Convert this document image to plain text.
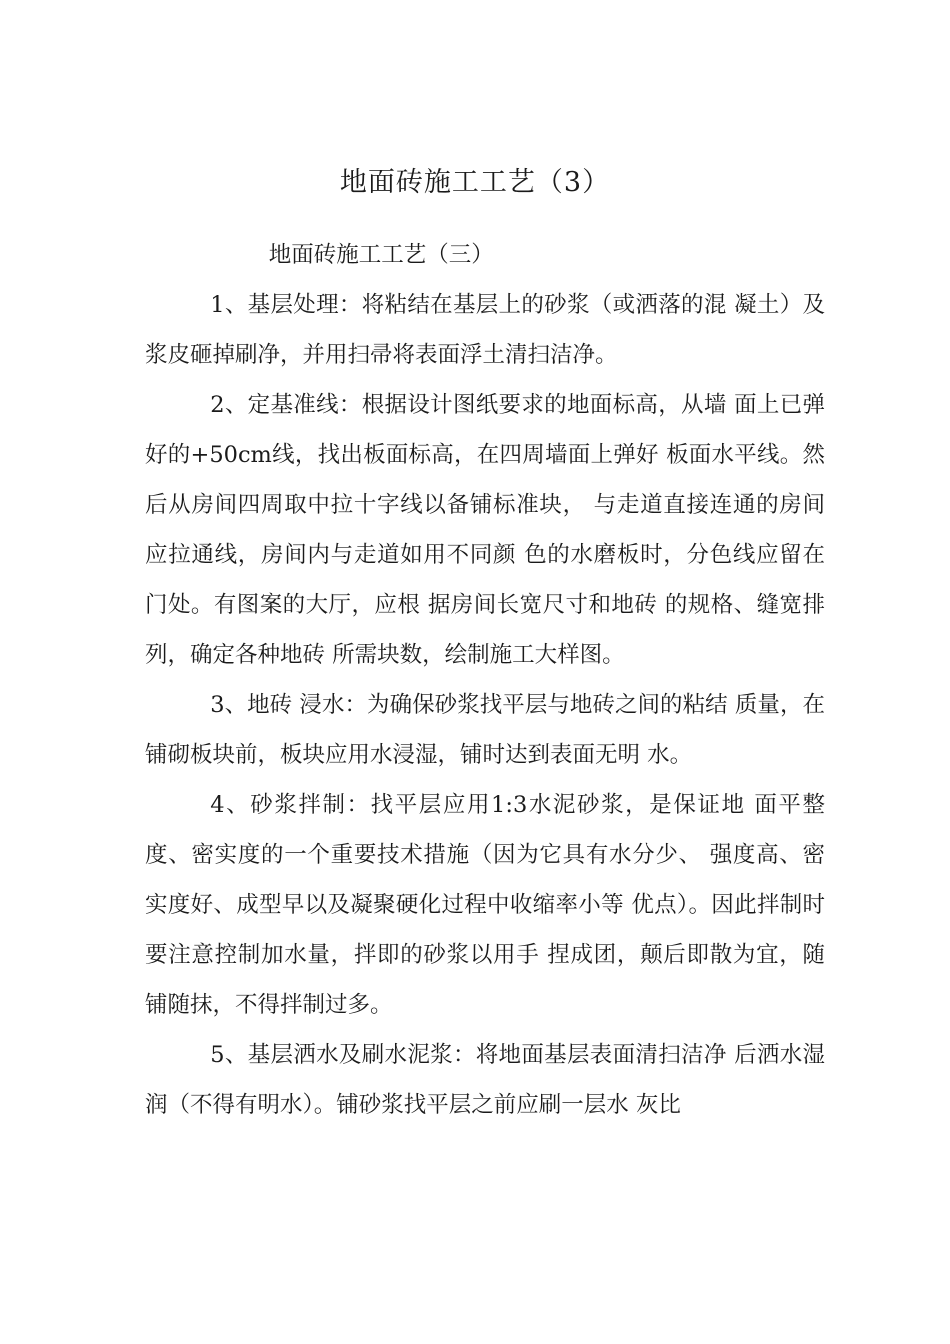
地面砖施工工艺（3）

地面砖施工工艺（三）

1、基层处理：将粘结在基层上的砂浆（或洒落的混 凝土）及浆皮砸掉刷净，并用扫帚将表面浮土清扫洁净。

2、定基准线：根据设计图纸要求的地面标高，从墙 面上已弹好的+50cm线，找出板面标高，在四周墙面上弹好 板面水平线。然后从房间四周取中拉十字线以备铺标准块， 与走道直接连通的房间应拉通线，房间内与走道如用不同颜 色的水磨板时，分色线应留在门处。有图案的大厅，应根 据房间长宽尺寸和地砖 的规格、缝宽排列，确定各种地砖 所需块数，绘制施工大样图。

3、地砖 浸水：为确保砂浆找平层与地砖之间的粘结 质量，在铺砌板块前，板块应用水浸湿，铺时达到表面无明 水。

4、砂浆拌制：找平层应用1:3水泥砂浆，是保证地 面平整度、密实度的一个重要技术措施（因为它具有水分少、 强度高、密实度好、成型早以及凝聚硬化过程中收缩率小等 优点）。因此拌制时要注意控制加水量，拌即的砂浆以用手 捏成团，颠后即散为宜，随铺随抹，不得拌制过多。

5、基层洒水及刷水泥浆：将地面基层表面清扫洁净 后洒水湿润（不得有明水）。铺砂浆找平层之前应刷一层水 灰比
